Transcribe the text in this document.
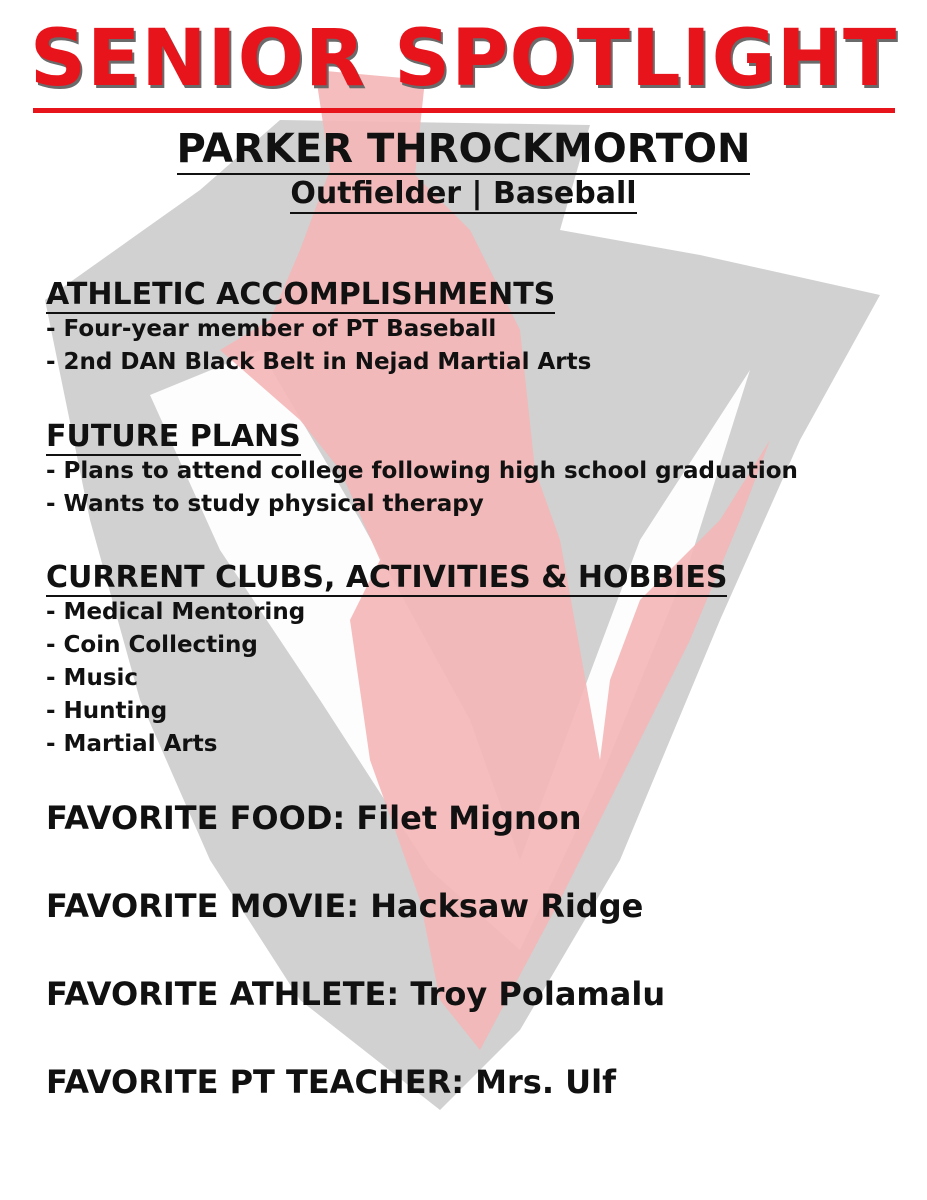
SENIOR SPOTLIGHT
PARKER THROCKMORTON
Outfielder | Baseball
ATHLETIC ACCOMPLISHMENTS
- Four-year member of PT Baseball
- 2nd DAN Black Belt in Nejad Martial Arts
FUTURE PLANS
- Plans to attend college following high school graduation
- Wants to study physical therapy
CURRENT CLUBS, ACTIVITIES & HOBBIES
- Medical Mentoring
- Coin Collecting
- Music
- Hunting
- Martial Arts

FAVORITE FOOD: Filet Mignon

FAVORITE MOVIE: Hacksaw Ridge

FAVORITE ATHLETE: Troy Polamalu

FAVORITE PT TEACHER: Mrs. Ulf
